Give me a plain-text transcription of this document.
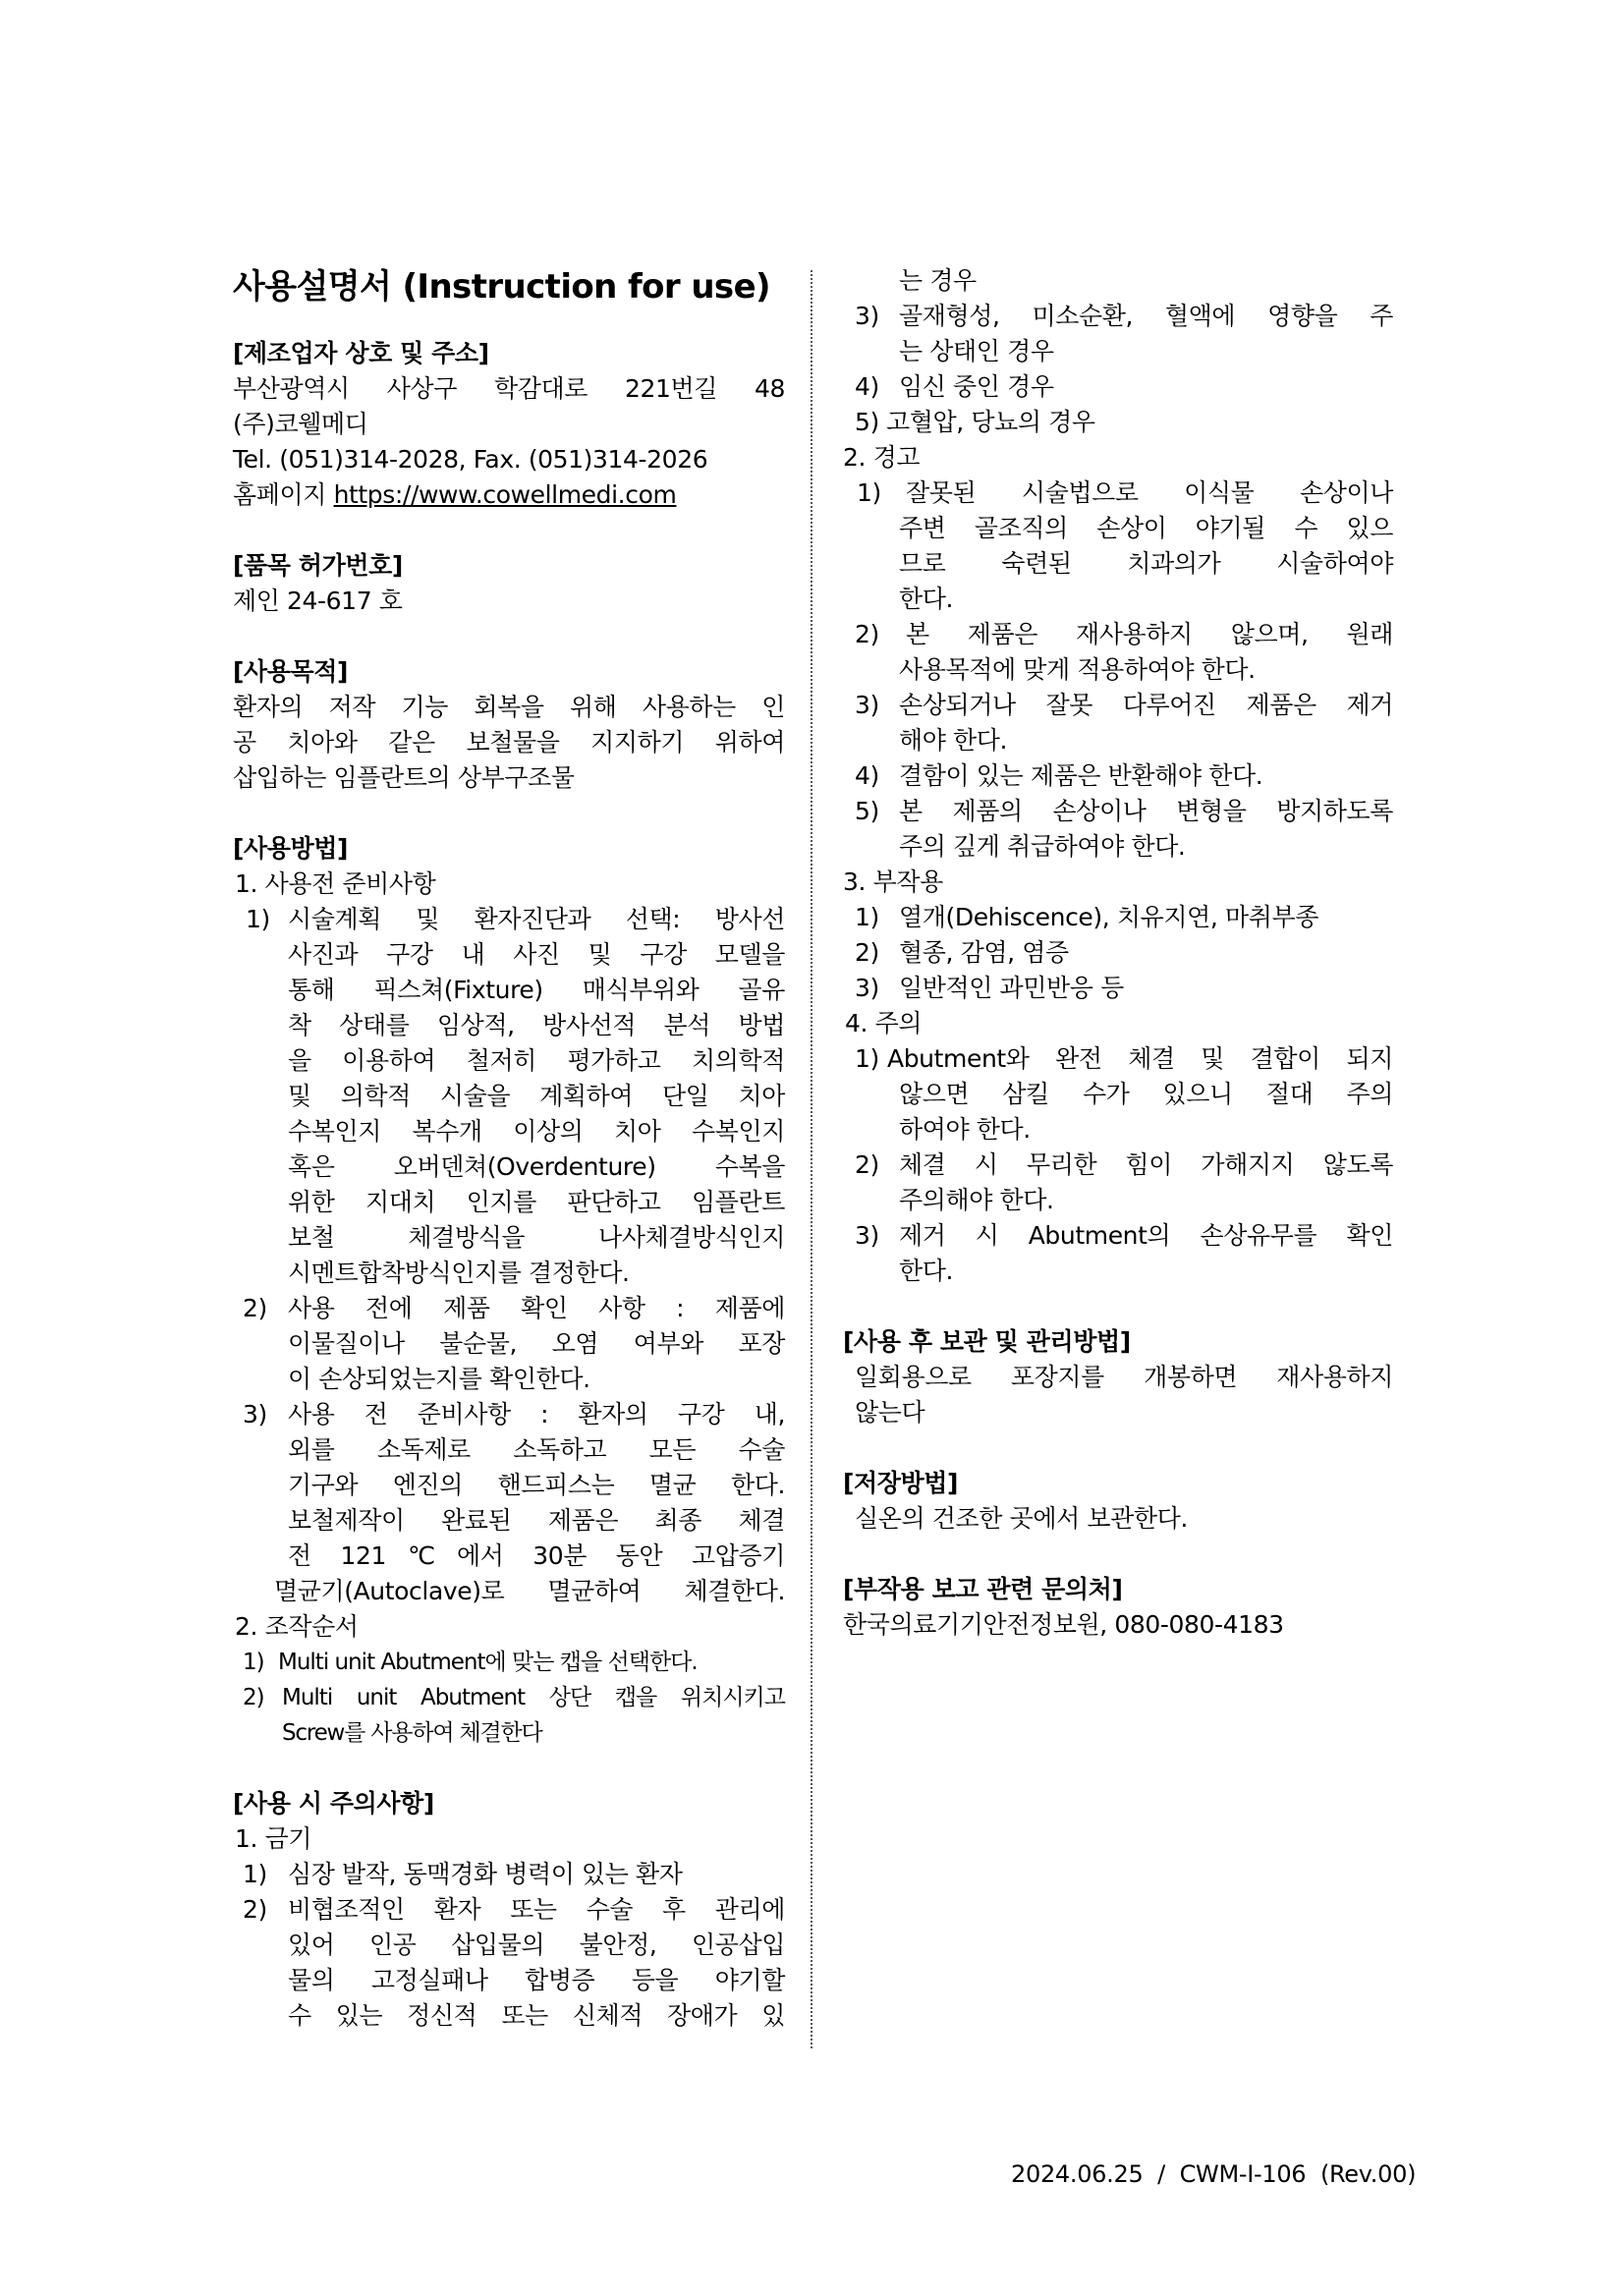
사용설명서 (Instruction for use)
[제조업자 상호 및 주소]
부산광역시 사상구 학감대로 221번길 48
(주)코웰메디
Tel. (051)314-2028, Fax. (051)314-2026
홈페이지 https://www.cowellmedi.com
[품목 허가번호]
제인 24-617 호
[사용목적]
환자의 저작 기능 회복을 위해 사용하는 인
공 치아와 같은 보철물을 지지하기 위하여
삽입하는 임플란트의 상부구조물
[사용방법]
1. 사용전 준비사항
1) 시술계획 및 환자진단과 선택: 방사선
사진과 구강 내 사진 및 구강 모델을
통해 픽스쳐(Fixture) 매식부위와 골유
착 상태를 임상적, 방사선적 분석 방법
을 이용하여 철저히 평가하고 치의학적
및 의학적 시술을 계획하여 단일 치아
수복인지 복수개 이상의 치아 수복인지
혹은 오버덴쳐(Overdenture) 수복을
위한 지대치 인지를 판단하고 임플란트
보철 체결방식을 나사체결방식인지
시멘트합착방식인지를 결정한다.
2) 사용 전에 제품 확인 사항 : 제품에
이물질이나 불순물, 오염 여부와 포장
이 손상되었는지를 확인한다.
3) 사용 전 준비사항 : 환자의 구강 내,
외를 소독제로 소독하고 모든 수술
기구와 엔진의 핸드피스는 멸균 한다.
보철제작이 완료된 제품은 최종 체결
전 121℃에서 30분 동안 고압증기
멸균기(Autoclave)로 멸균하여 체결한다.
2. 조작순서
1) Multi unit Abutment에 맞는 캡을 선택한다.
2) Multi unit Abutment 상단 캡을 위치시키고
Screw를 사용하여 체결한다
[사용 시 주의사항]
1. 금기
1) 심장 발작, 동맥경화 병력이 있는 환자
2) 비협조적인 환자 또는 수술 후 관리에
있어 인공 삽입물의 불안정, 인공삽입
물의 고정실패나 합병증 등을 야기할
수 있는 정신적 또는 신체적 장애가 있
는 경우
3) 골재형성, 미소순환, 혈액에 영향을 주
는 상태인 경우
4) 임신 중인 경우
5) 고혈압, 당뇨의 경우
2. 경고
1) 잘못된 시술법으로 이식물 손상이나
주변 골조직의 손상이 야기될 수 있으
므로 숙련된 치과의가 시술하여야
한다.
2) 본 제품은 재사용하지 않으며, 원래
사용목적에 맞게 적용하여야 한다.
3) 손상되거나 잘못 다루어진 제품은 제거
해야 한다.
4) 결함이 있는 제품은 반환해야 한다.
5) 본 제품의 손상이나 변형을 방지하도록
주의 깊게 취급하여야 한다.
3. 부작용
1) 열개(Dehiscence), 치유지연, 마취부종
2) 혈종, 감염, 염증
3) 일반적인 과민반응 등
4. 주의
1) Abutment와 완전 체결 및 결합이 되지
않으면 삼킬 수가 있으니 절대 주의
하여야 한다.
2) 체결 시 무리한 힘이 가해지지 않도록
주의해야 한다.
3) 제거 시 Abutment의 손상유무를 확인
한다.
[사용 후 보관 및 관리방법]
일회용으로 포장지를 개봉하면 재사용하지
않는다
[저장방법]
실온의 건조한 곳에서 보관한다.
[부작용 보고 관련 문의처]
한국의료기기안전정보원, 080-080-4183
2024.06.25 / CWM-I-106 (Rev.00)
